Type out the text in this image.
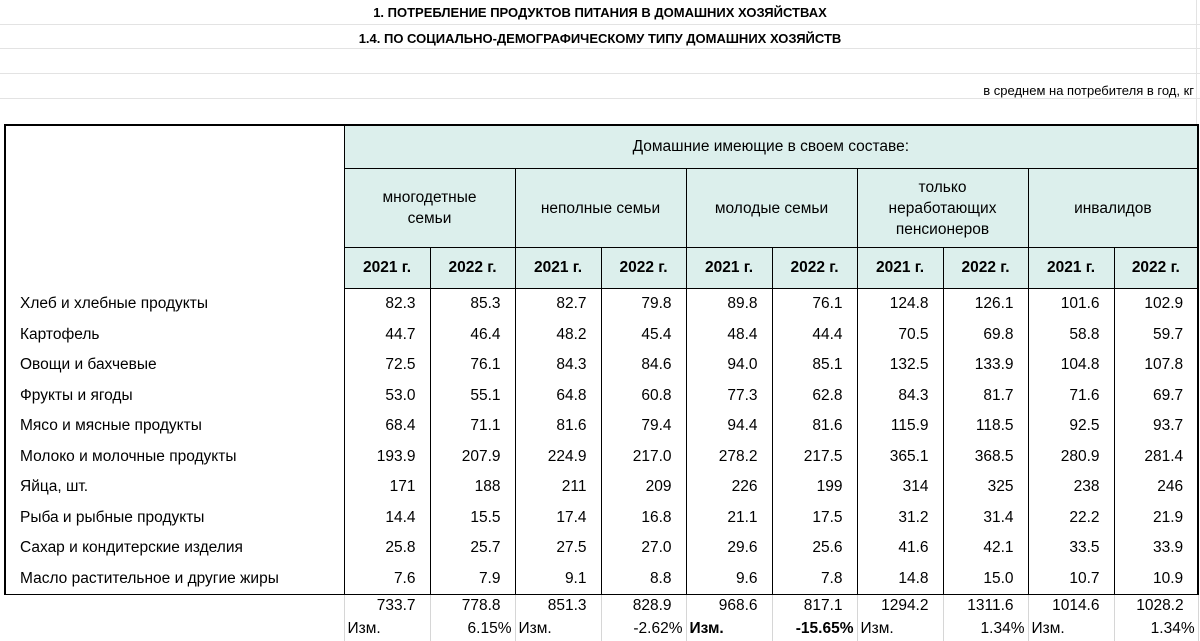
1. ПОТРЕБЛЕНИЕ ПРОДУКТОВ ПИТАНИЯ В ДОМАШНИХ ХОЗЯЙСТВАХ
1.4. ПО СОЦИАЛЬНО-ДЕМОГРАФИЧЕСКОМУ ТИПУ ДОМАШНИХ ХОЗЯЙСТВ
в среднем на потребителя в год, кг
	Домашние имеющие в своем составе:									
	многодетные семьи		неполные семьи		молодые семьи		только неработающих пенсионеров		инвалидов	
	2021 г.	2022 г.	2021 г.	2022 г.	2021 г.	2022 г.	2021 г.	2022 г.	2021 г.	2022 г.
Хлеб и хлебные продукты	82.3	85.3	82.7	79.8	89.8	76.1	124.8	126.1	101.6	102.9
Картофель	44.7	46.4	48.2	45.4	48.4	44.4	70.5	69.8	58.8	59.7
Овощи и бахчевые	72.5	76.1	84.3	84.6	94.0	85.1	132.5	133.9	104.8	107.8
Фрукты и ягоды	53.0	55.1	64.8	60.8	77.3	62.8	84.3	81.7	71.6	69.7
Мясо и мясные продукты	68.4	71.1	81.6	79.4	94.4	81.6	115.9	118.5	92.5	93.7
Молоко и молочные продукты	193.9	207.9	224.9	217.0	278.2	217.5	365.1	368.5	280.9	281.4
Яйца, шт.	171	188	211	209	226	199	314	325	238	246
Рыба и рыбные продукты	14.4	15.5	17.4	16.8	21.1	17.5	31.2	31.4	22.2	21.9
Сахар и кондитерские изделия	25.8	25.7	27.5	27.0	29.6	25.6	41.6	42.1	33.5	33.9
Масло растительное и другие жиры	7.6	7.9	9.1	8.8	9.6	7.8	14.8	15.0	10.7	10.9
	733.7	778.8	851.3	828.9	968.6	817.1	1294.2	1311.6	1014.6	1028.2
	Изм.	6.15%	Изм.	-2.62%	Изм.	-15.65%	Изм.	1.34%	Изм.	1.34%
